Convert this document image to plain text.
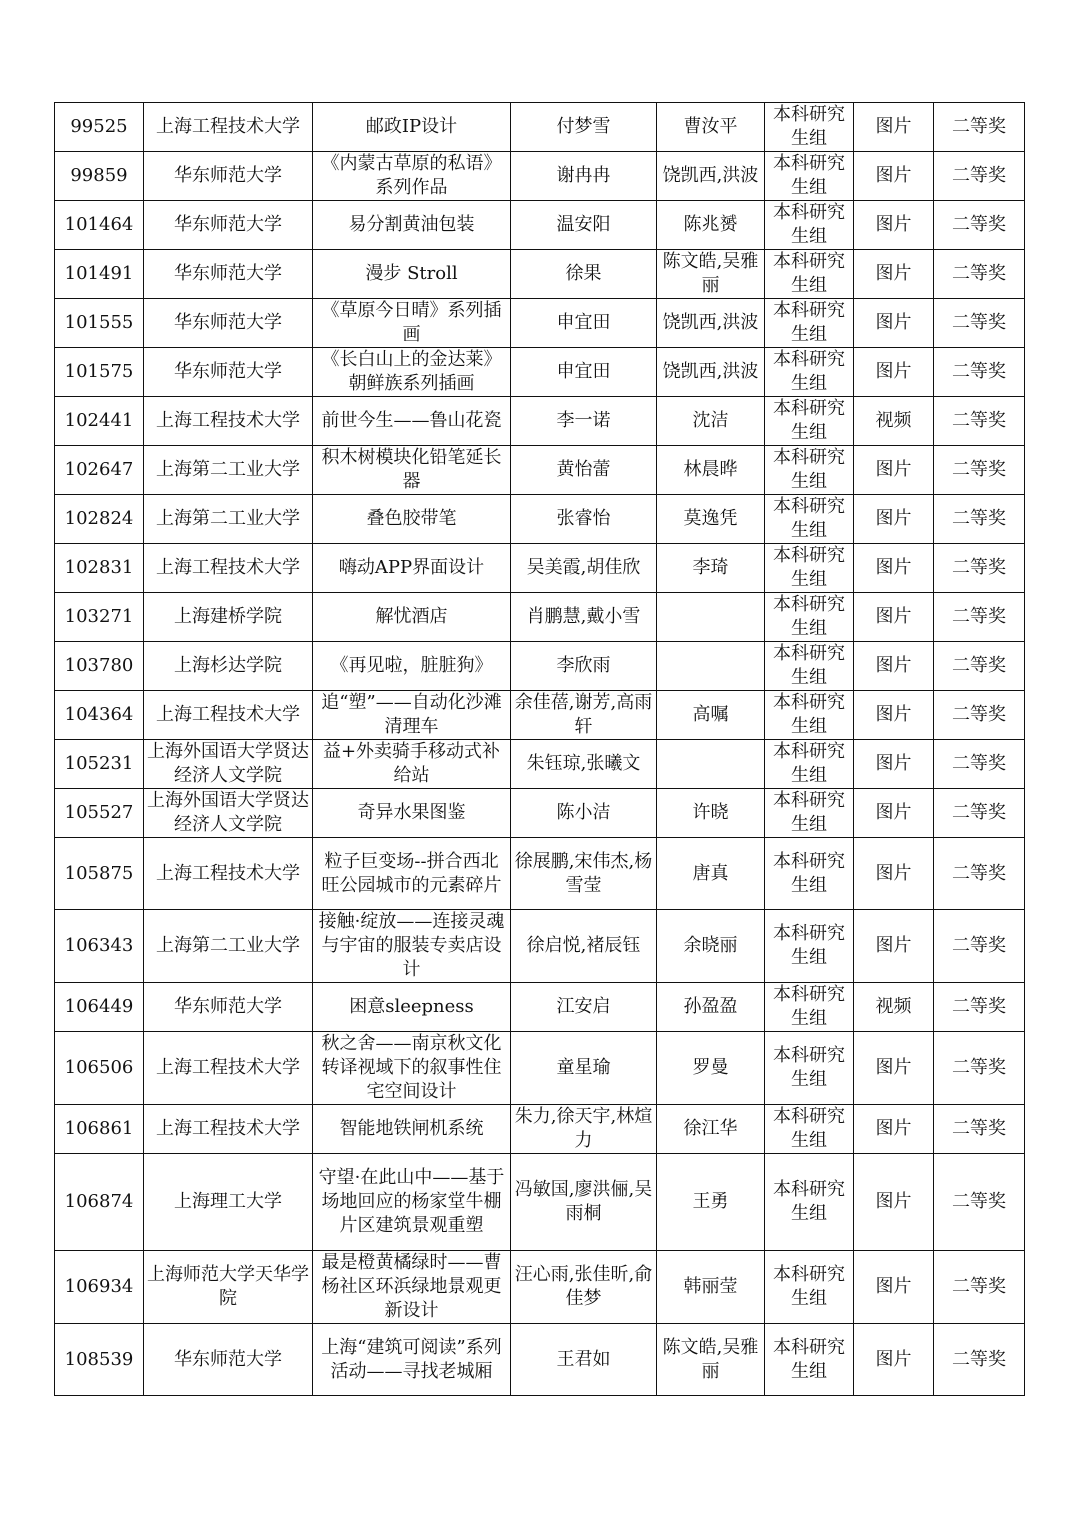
99525	上海工程技术大学	邮政IP设计	付梦雪	曹汝平	本科研究生组	图片	二等奖
99859	华东师范大学	《内蒙古草原的私语》系列作品	谢冉冉	饶凯西,洪波	本科研究生组	图片	二等奖
101464	华东师范大学	易分割黄油包装	温安阳	陈兆赟	本科研究生组	图片	二等奖
101491	华东师范大学	漫步 Stroll	徐果	陈文皓,吴雅丽	本科研究生组	图片	二等奖
101555	华东师范大学	《草原今日晴》系列插画	申宜田	饶凯西,洪波	本科研究生组	图片	二等奖
101575	华东师范大学	《长白山上的金达莱》朝鲜族系列插画	申宜田	饶凯西,洪波	本科研究生组	图片	二等奖
102441	上海工程技术大学	前世今生——鲁山花瓷	李一诺	沈洁	本科研究生组	视频	二等奖
102647	上海第二工业大学	积木树模块化铅笔延长器	黄怡蕾	林晨晔	本科研究生组	图片	二等奖
102824	上海第二工业大学	叠色胶带笔	张睿怡	莫逸凭	本科研究生组	图片	二等奖
102831	上海工程技术大学	嗨动APP界面设计	吴美霞,胡佳欣	李琦	本科研究生组	图片	二等奖
103271	上海建桥学院	解忧酒店	肖鹏慧,戴小雪		本科研究生组	图片	二等奖
103780	上海杉达学院	《再见啦，脏脏狗》	李欣雨		本科研究生组	图片	二等奖
104364	上海工程技术大学	追“塑”——自动化沙滩清理车	余佳蓓,谢芳,高雨轩	高嘱	本科研究生组	图片	二等奖
105231	上海外国语大学贤达经济人文学院	益+外卖骑手移动式补给站	朱钰琼,张曦文		本科研究生组	图片	二等奖
105527	上海外国语大学贤达经济人文学院	奇异水果图鉴	陈小洁	许晓	本科研究生组	图片	二等奖
105875	上海工程技术大学	粒子巨变场--拼合西北旺公园城市的元素碎片	徐展鹏,宋伟杰,杨雪莹	唐真	本科研究生组	图片	二等奖
106343	上海第二工业大学	接触·绽放——连接灵魂与宇宙的服装专卖店设计	徐启悦,褚辰钰	余晓丽	本科研究生组	图片	二等奖
106449	华东师范大学	困意sleepness	江安启	孙盈盈	本科研究生组	视频	二等奖
106506	上海工程技术大学	秋之舍——南京秋文化转译视域下的叙事性住宅空间设计	童星瑜	罗曼	本科研究生组	图片	二等奖
106861	上海工程技术大学	智能地铁闸机系统	朱力,徐天宇,林煊力	徐江华	本科研究生组	图片	二等奖
106874	上海理工大学	守望·在此山中——基于场地回应的杨家堂牛棚片区建筑景观重塑	冯敏国,廖洪俪,吴雨桐	王勇	本科研究生组	图片	二等奖
106934	上海师范大学天华学院	最是橙黄橘绿时——曹杨社区环浜绿地景观更新设计	汪心雨,张佳昕,俞佳梦	韩丽莹	本科研究生组	图片	二等奖
108539	华东师范大学	上海“建筑可阅读”系列活动——寻找老城厢	王君如	陈文皓,吴雅丽	本科研究生组	图片	二等奖
